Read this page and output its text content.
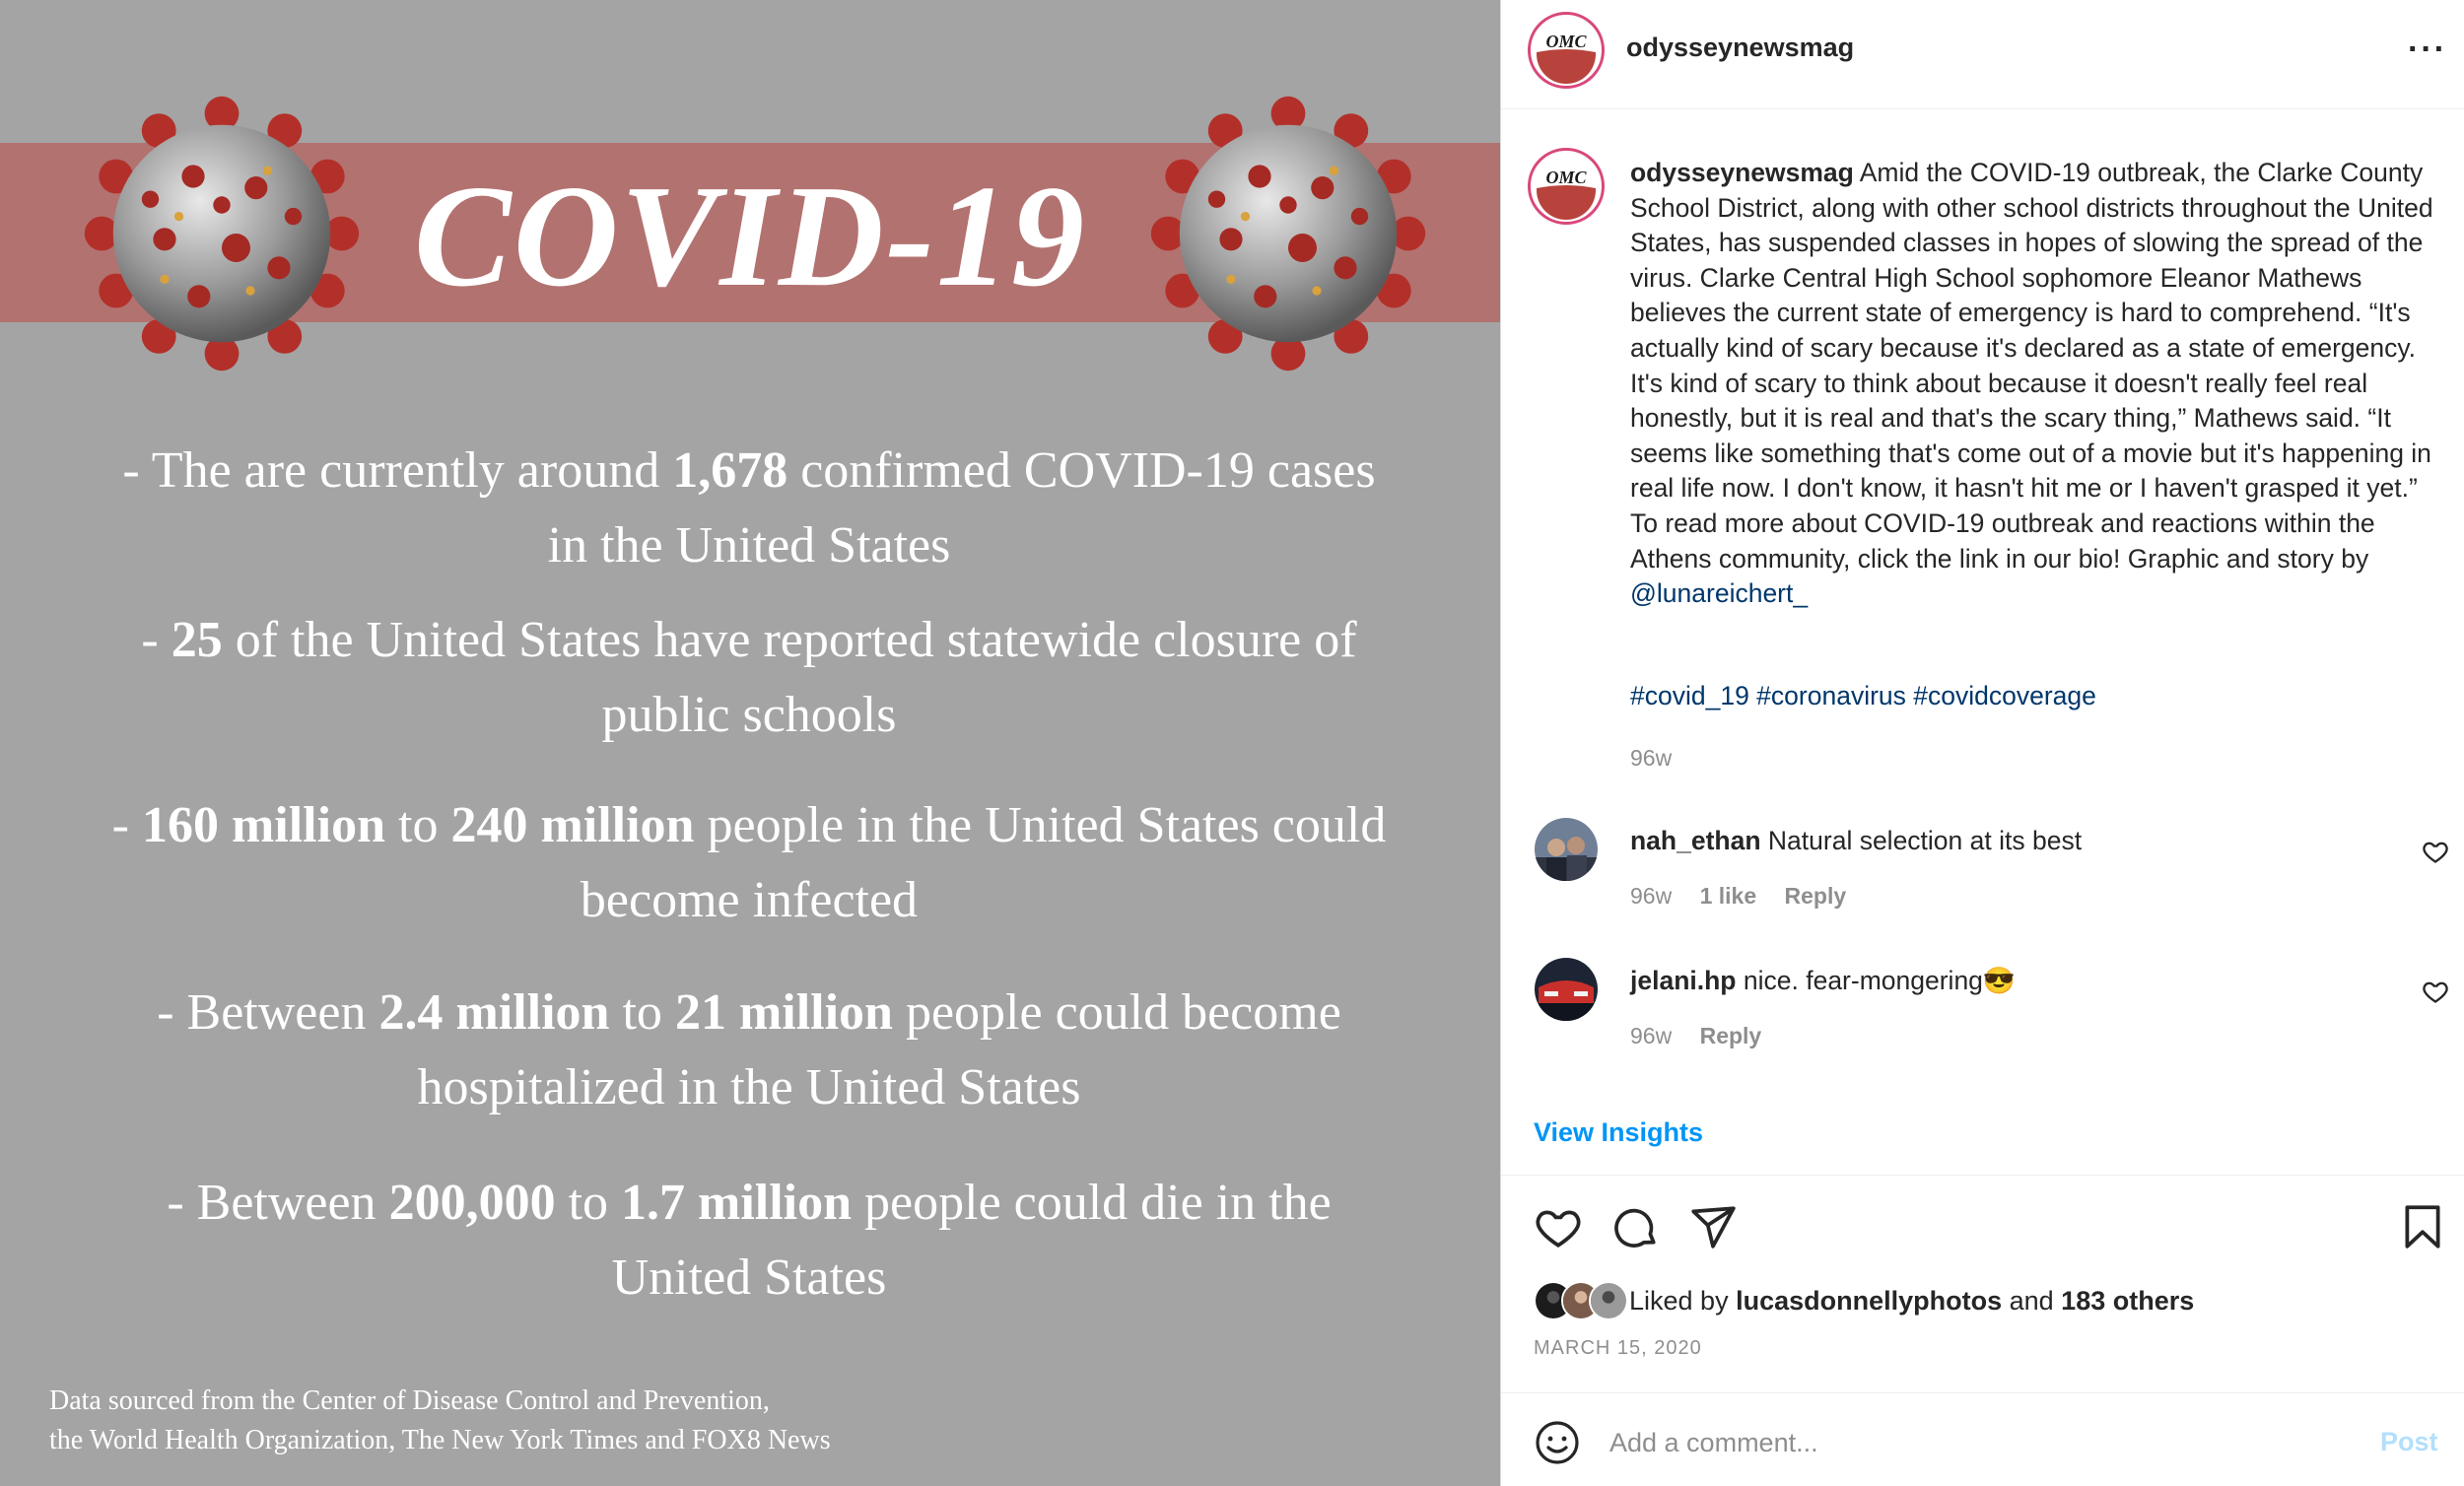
COVID-19
- The are currently around 1,678 confirmed COVID-19 cases in the United States
- 25 of the United States have reported statewide closure of public schools
- 160 million to 240 million people in the United States could become infected
- Between 2.4 million to 21 million people could become hospitalized in the United States
- Between 200,000 to 1.7 million people could die in the United States
Data sourced from the Center of Disease Control and Prevention,
the World Health Organization, The New York Times and FOX8 News
OMC odysseynewsmag	···
OMC odysseynewsmag Amid the COVID-19 outbreak, the Clarke County School District, along with other school districts throughout the United States, has suspended classes in hopes of slowing the spread of the virus. Clarke Central High School sophomore Eleanor Mathews believes the current state of emergency is hard to comprehend. “It's actually kind of scary because it's declared as a state of emergency. It's kind of scary to think about because it doesn't really feel real honestly, but it is real and that's the scary thing,” Mathews said. “It seems like something that's come out of a movie but it's happening in real life now. I don't know, it hasn't hit me or I haven't grasped it yet.” To read more about COVID-19 outbreak and reactions within the Athens community, click the link in our bio! Graphic and story by @lunareichert_
#covid_19 #coronavirus #covidcoverage
96w
nah_ethan Natural selection at its best
96w 1 like Reply
jelani.hp nice. fear-mongering😎
96w Reply
View Insights
Liked by lucasdonnellyphotos and 183 others
MARCH 15, 2020
Add a comment...
Post
